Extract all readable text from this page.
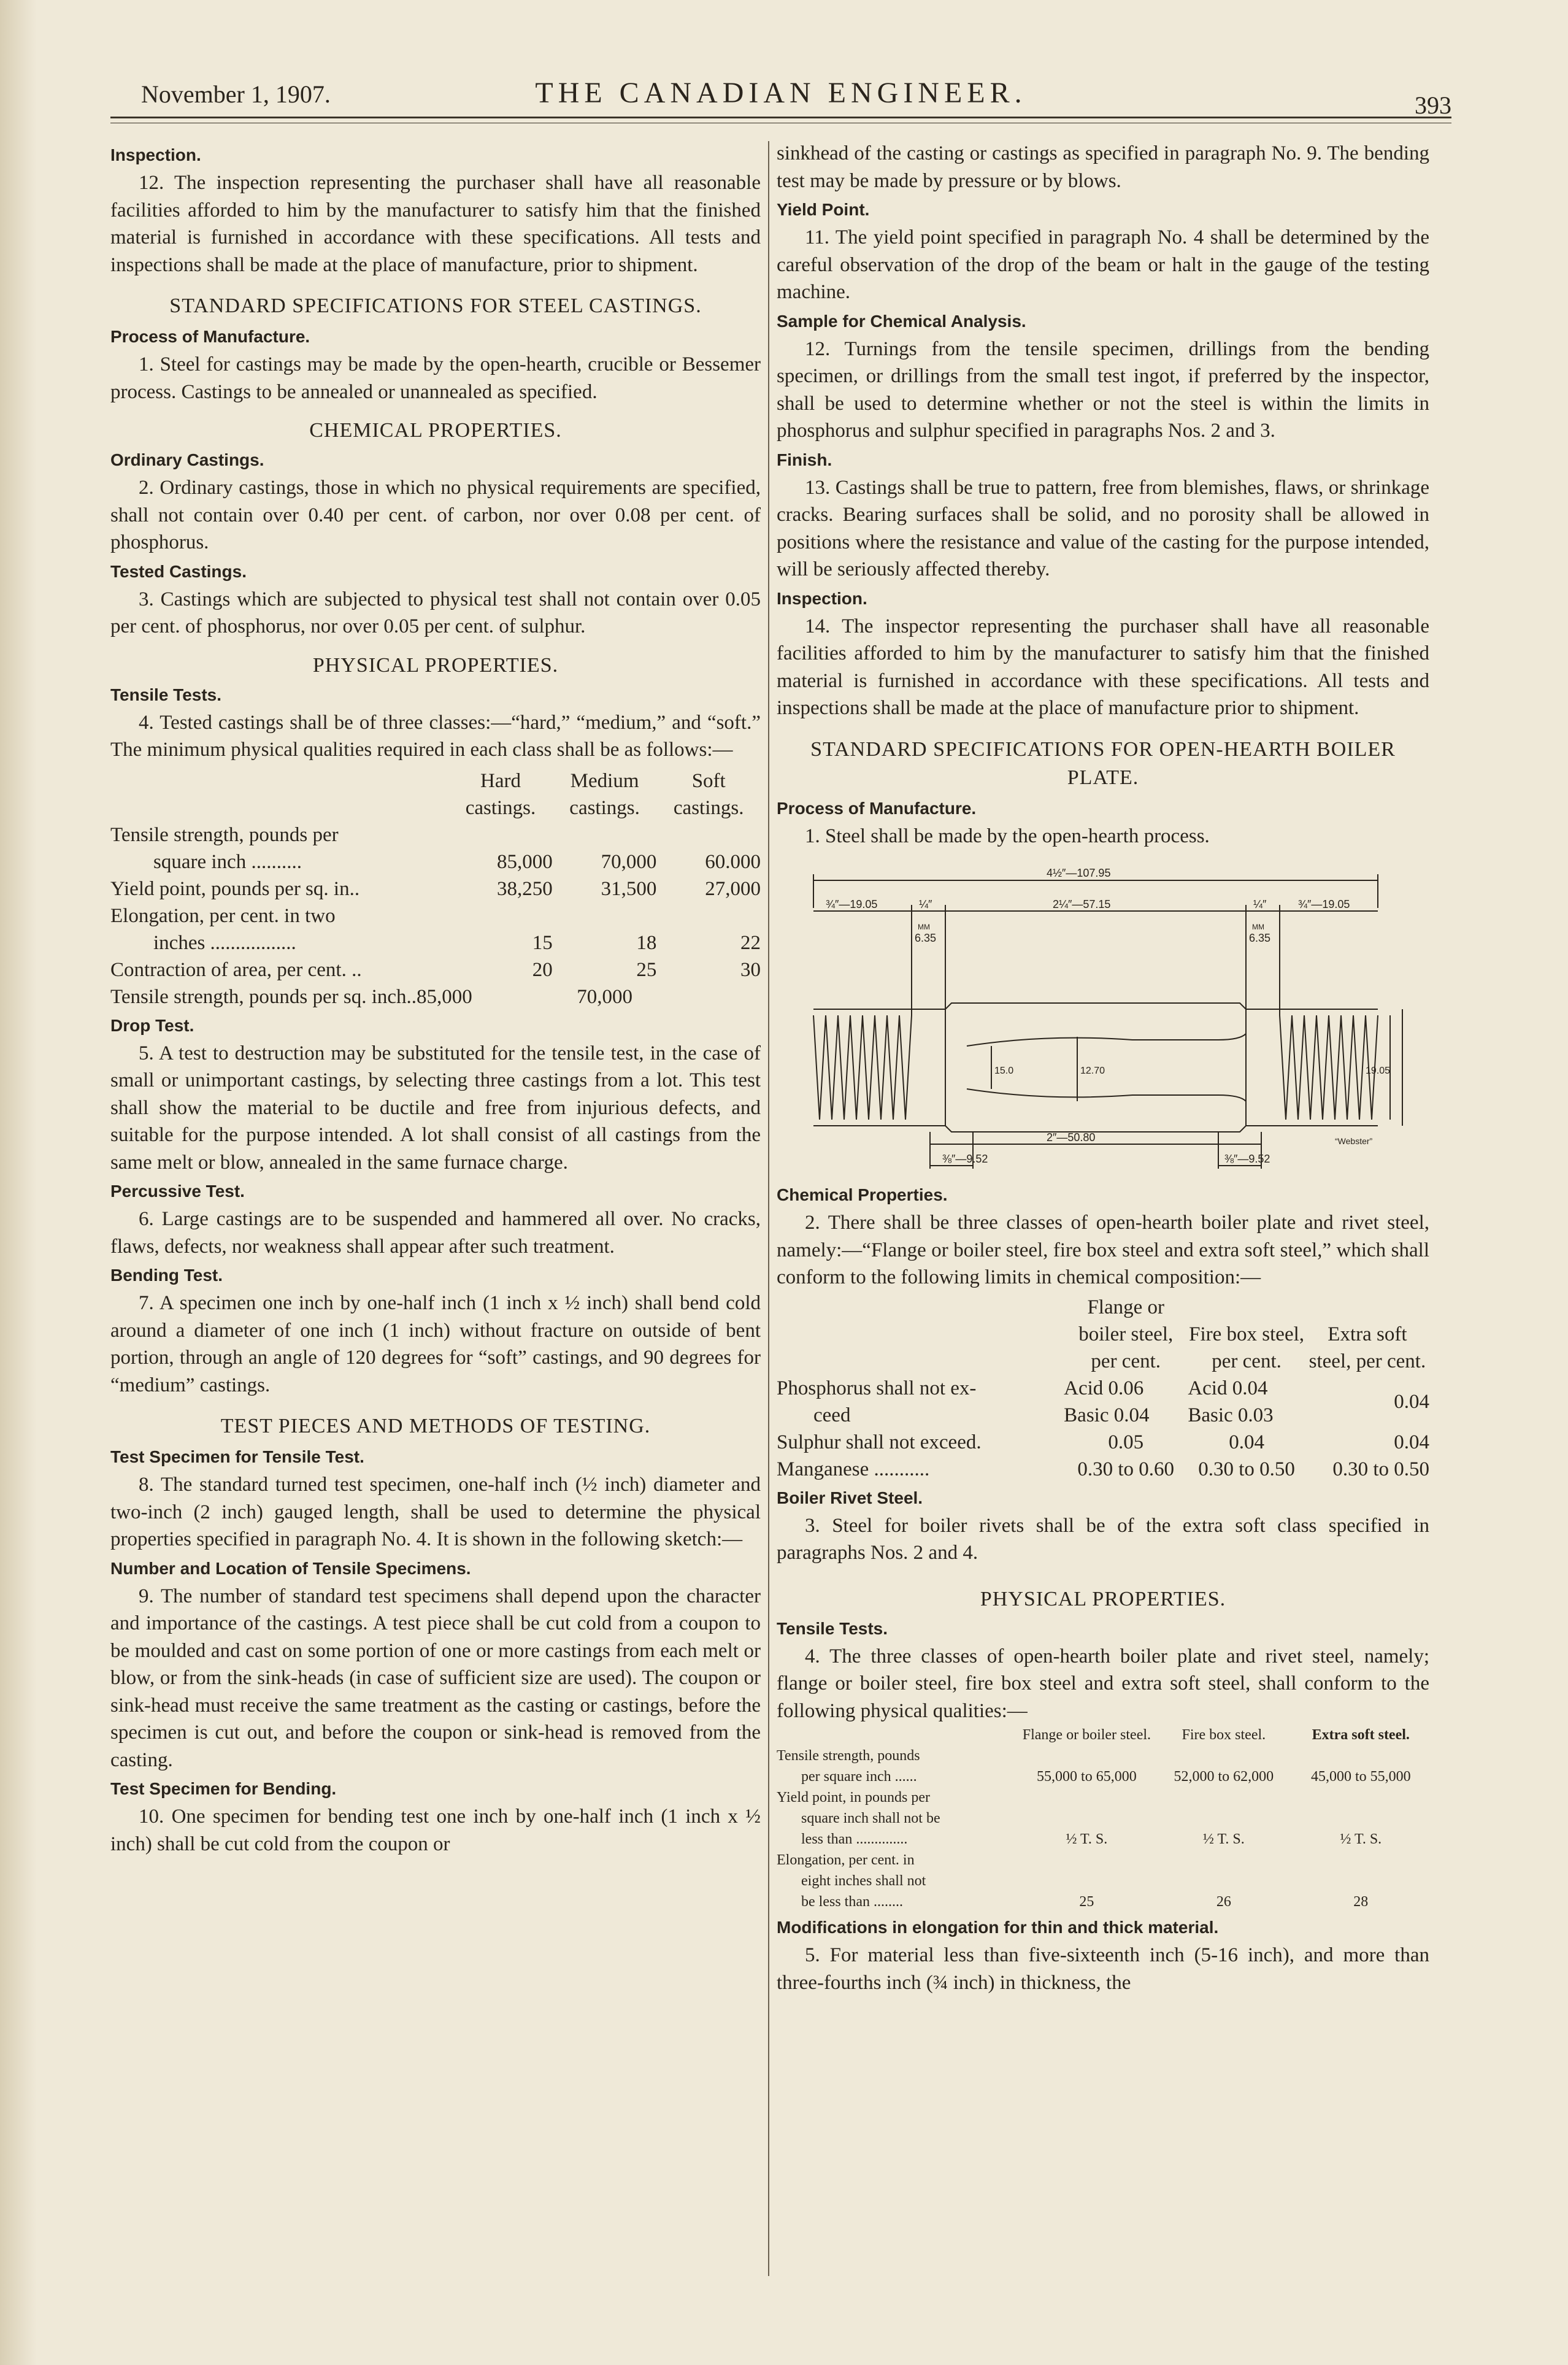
November 1, 1907.	THE CANADIAN ENGINEER.	393
Inspection.

12. The inspection representing the purchaser shall have all reasonable facilities afforded to him by the manufacturer to satisfy him that the finished material is furnished in accordance with these specifications. All tests and inspections shall be made at the place of manufacture, prior to shipment.

STANDARD SPECIFICATIONS FOR STEEL CASTINGS.
Process of Manufacture.

1. Steel for castings may be made by the open-hearth, crucible or Bessemer process. Castings to be annealed or unannealed as specified.

CHEMICAL PROPERTIES.
Ordinary Castings.

2. Ordinary castings, those in which no physical requirements are specified, shall not contain over 0.40 per cent. of carbon, nor over 0.08 per cent. of phosphorus.

Tested Castings.

3. Castings which are subjected to physical test shall not contain over 0.05 per cent. of phosphorus, nor over 0.05 per cent. of sulphur.

PHYSICAL PROPERTIES.
Tensile Tests.

4. Tested castings shall be of three classes:—“hard,” “medium,” and “soft.” The minimum physical qualities required in each class shall be as follows:—

	Hard castings.	Medium castings.	Soft castings.
Tensile strength, pounds per			
square inch ..........	85,000	70,000	60.000
Yield point, pounds per sq. in..	38,250	31,500	27,000
Elongation, per cent. in two			
inches .................	15	18	22
Contraction of area, per cent. ..	20	25	30
Tensile strength, pounds per sq. inch..85,000		70,000	
Drop Test.

5. A test to destruction may be substituted for the tensile test, in the case of small or unimportant castings, by selecting three castings from a lot. This test shall show the material to be ductile and free from injurious defects, and suitable for the purpose intended. A lot shall consist of all castings from the same melt or blow, annealed in the same furnace charge.

Percussive Test.

6. Large castings are to be suspended and hammered all over. No cracks, flaws, defects, nor weakness shall appear after such treatment.

Bending Test.

7. A specimen one inch by one-half inch (1 inch x ½ inch) shall bend cold around a diameter of one inch (1 inch) without fracture on outside of bent portion, through an angle of 120 degrees for “soft” castings, and 90 degrees for “medium” castings.

TEST PIECES AND METHODS OF TESTING.
Test Specimen for Tensile Test.

8. The standard turned test specimen, one-half inch (½ inch) diameter and two-inch (2 inch) gauged length, shall be used to determine the physical properties specified in paragraph No. 4. It is shown in the following sketch:—

Number and Location of Tensile Specimens.

9. The number of standard test specimens shall depend upon the character and importance of the castings. A test piece shall be cut cold from a coupon to be moulded and cast on some portion of one or more castings from each melt or blow, or from the sink-heads (in case of sufficient size are used). The coupon or sink-head must receive the same treatment as the casting or castings, before the specimen is cut out, and before the coupon or sink-head is removed from the casting.

Test Specimen for Bending.

10. One specimen for bending test one inch by one-half inch (1 inch x ½ inch) shall be cut cold from the coupon or

sinkhead of the casting or castings as specified in paragraph No. 9. The bending test may be made by pressure or by blows.

Yield Point.

11. The yield point specified in paragraph No. 4 shall be determined by the careful observation of the drop of the beam or halt in the gauge of the testing machine.

Sample for Chemical Analysis.

12. Turnings from the tensile specimen, drillings from the bending specimen, or drillings from the small test ingot, if preferred by the inspector, shall be used to determine whether or not the steel is within the limits in phosphorus and sulphur specified in paragraphs Nos. 2 and 3.

Finish.

13. Castings shall be true to pattern, free from blemishes, flaws, or shrinkage cracks. Bearing surfaces shall be solid, and no porosity shall be allowed in positions where the resistance and value of the casting for the purpose intended, will be seriously affected thereby.

Inspection.

14. The inspector representing the purchaser shall have all reasonable facilities afforded to him by the manufacturer to satisfy him that the finished material is furnished in accordance with these specifications. All tests and inspections shall be made at the place of manufacture prior to shipment.

STANDARD SPECIFICATIONS FOR OPEN-HEARTH BOILER PLATE.
Process of Manufacture.

1. Steel shall be made by the open-hearth process.

4½″—107.95
¾″—19.05	¼″	2¼″—57.15	¼″	¾″—19.05
6.35	6.35
MM	MM
15.0	12.70	19.05
⅜″—9.52
2″—50.80
⅜″—9.52
“Webster”
Chemical Properties.

2. There shall be three classes of open-hearth boiler plate and rivet steel, namely:—“Flange or boiler steel, fire box steel and extra soft steel,” which shall conform to the following limits in chemical composition:—

	Flange or boiler steel, per cent.	Fire box steel, per cent.	Extra soft steel, per cent.
Phosphorus shall not ex-	Acid 0.06	Acid 0.04	0.04
ceed	Basic 0.04	Basic 0.03	
Sulphur shall not exceed.	0.05	0.04	0.04
Manganese ...........	0.30 to 0.60	0.30 to 0.50	0.30 to 0.50
Boiler Rivet Steel.

3. Steel for boiler rivets shall be of the extra soft class specified in paragraphs Nos. 2 and 4.

PHYSICAL PROPERTIES.
Tensile Tests.

4. The three classes of open-hearth boiler plate and rivet steel, namely; flange or boiler steel, fire box steel and extra soft steel, shall conform to the following physical qualities:—

	Flange or boiler steel.	Fire box steel.	Extra soft steel.
Tensile strength, pounds			
per square inch ......	55,000 to 65,000	52,000 to 62,000	45,000 to 55,000
Yield point, in pounds per			
square inch shall not be			
less than ..............	½ T. S.	½ T. S.	½ T. S.
Elongation, per cent. in			
eight inches shall not			
be less than ........	25	26	28
Modifications in elongation for thin and thick material.

5. For material less than five-sixteenth inch (5-16 inch), and more than three-fourths inch (¾ inch) in thickness, the
